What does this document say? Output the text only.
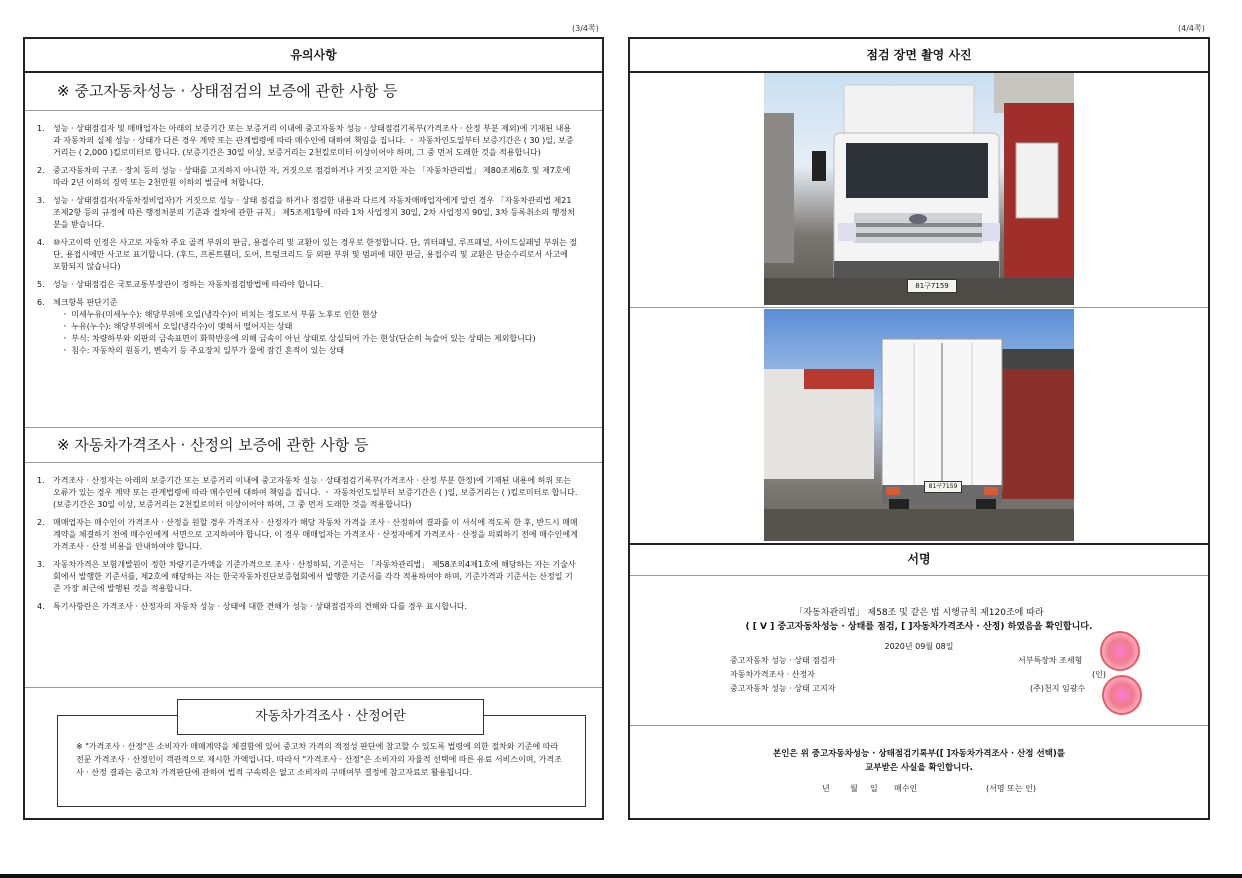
(3/4쪽)
유의사항
※ 중고자동차성능 · 상태점검의 보증에 관한 사항 등
1. 성능 · 상태점검자 및 매매업자는 아래의 보증기간 또는 보증거리 이내에 중고자동차 성능 · 상태점검기록부(가격조사 · 산정 부분 제외)에 기재된 내용과 자동차의 실제 성능 · 상태가 다른 경우 계약 또는 관계법령에 따라 매수인에 대하여 책임을 집니다. ㆍ 자동차인도일부터 보증기간은 ( 30 )일, 보증거리는 ( 2,000 )킬로미터로 합니다. (보증기간은 30일 이상, 보증거리는 2천킬로미터 이상이어야 하며, 그 중 먼저 도래한 것을 적용합니다)
2. 중고자동차의 구조 · 장치 등의 성능 · 상태를 고지하지 아니한 자, 거짓으로 점검하거나 거짓 고지한 자는 「자동차관리법」 제80조제6호 및 제7호에 따라 2년 이하의 징역 또는 2천만원 이하의 벌금에 처합니다.
3. 성능 · 상태점검자(자동차정비업자)가 거짓으로 성능 · 상태 점검을 하거나 점검한 내용과 다르게 자동차매매업자에게 알린 경우 「자동차관리법 제21조제2항 등의 규정에 따른 행정처분의 기준과 절차에 관한 규칙」 제5조제1항에 따라 1차 사업정지 30일, 2차 사업정지 90일, 3차 등록취소의 행정처분을 받습니다.
4. ⑩사고이력 인정은 사고로 자동차 주요 골격 부위의 판금, 용접수리 및 교환이 있는 경우로 한정합니다. 단, 쿼터패널, 루프패널, 사이드실패널 부위는 절단, 용접시에만 사고로 표기합니다. (후드, 프론트휀더, 도어, 트렁크리드 등 외판 부위 및 범퍼에 대한 판금, 용접수리 및 교환은 단순수리로서 사고에 포함되지 않습니다)
5. 성능 · 상태점검은 국토교통부장관이 정하는 자동차점검방법에 따라야 합니다.
6. 체크항목 판단기준
ㆍ 미세누유(미세누수): 해당부위에 오일(냉각수)이 비치는 정도로서 부품 노후로 인한 현상
ㆍ 누유(누수): 해당부위에서 오일(냉각수)이 맺혀서 떨어지는 상태
ㆍ 부식: 차량하부와 외판의 금속표면이 화학반응에 의해 금속이 아닌 상태로 상실되어 가는 현상(단순히 녹슬어 있는 상태는 제외합니다)
ㆍ 침수: 자동차의 원동기, 변속기 등 주요장치 일부가 물에 잠긴 흔적이 있는 상태
※ 자동차가격조사 · 산정의 보증에 관한 사항 등
1. 가격조사 · 산정자는 아래의 보증기간 또는 보증거리 이내에 중고자동차 성능 · 상태점검기록부(가격조사 · 산정 부분 한정)에 기재된 내용에 허위 또는 오류가 있는 경우 계약 또는 관계법령에 따라 매수인에 대하여 책임을 집니다. ㆍ 자동차인도일부터 보증기간은 ( )일, 보증거리는 ( )킬로미터로 합니다. (보증기간은 30일 이상, 보증거리는 2천킬로미터 이상이어야 하며, 그 중 먼저 도래한 것을 적용합니다)
2. 매매업자는 매수인이 가격조사 · 산정을 원할 경우 가격조사 · 산정자가 해당 자동차 가격을 조사 · 산정하여 결과를 이 서식에 적도록 한 후, 반드시 매매계약을 체결하기 전에 매수인에게 서면으로 고지하여야 합니다. 이 경우 매매업자는 가격조사 · 산정자에게 가격조사 · 산정을 의뢰하기 전에 매수인에게 가격조사 · 산정 비용을 안내하여야 합니다.
3. 자동차가격은 보험개발원이 정한 차량기준가액을 기준가격으로 조사 · 산정하되, 기준서는 「자동차관리법」 제58조의4제1호에 해당하는 자는 기술사회에서 발행한 기준서를, 제2호에 해당하는 자는 한국자동차진단보증협회에서 발행한 기준서를 각각 적용하여야 하며, 기준가격과 기준서는 산정일 기준 가장 최근에 발행된 것을 적용합니다.
4. 특기사항란은 가격조사 · 산정자의 자동차 성능 · 상태에 대한 견해가 성능 · 상태점검자의 견해와 다를 경우 표시합니다.
※ "가격조사 · 산정"은 소비자가 매매계약을 체결함에 있어 중고차 가격의 적정성 판단에 참고할 수 있도록 법령에 의한 절차와 기준에 따라 전문 가격조사 · 산정인이 객관적으로 제시한 가액입니다. 따라서 "가격조사 · 산정"은 소비자의 자율적 선택에 따른 유료 서비스이며, 가격조사 · 산정 결과는 중고차 가격판단에 관하여 법적 구속력은 없고 소비자의 구매여부 결정에 참고자료로 활용됩니다.
자동차가격조사 · 산정어란
(4/4쪽)
점검 장면 촬영 사진
81구7159
81구7159
서명
「자동차관리법」 제58조 및 같은 법 시행규칙 제120조에 따라
( [ V ] 중고자동차성능 · 상태를 점검, [ ]자동차가격조사 · 산정) 하였음을 확인합니다.
2020년 09월 08일
중고자동차 성능 · 상태 점검자	서부특장차 조세형
자동차가격조사 · 산정자	(인)
중고자동차 성능 · 상태 고지자	(주)천지 임광수
본인은 위 중고자동차성능 · 상태점검기록부([ ]자동차가격조사 · 산정 선택)를
교부받은 사실을 확인합니다.
년	월 일 매수인	(서명 또는 인)
